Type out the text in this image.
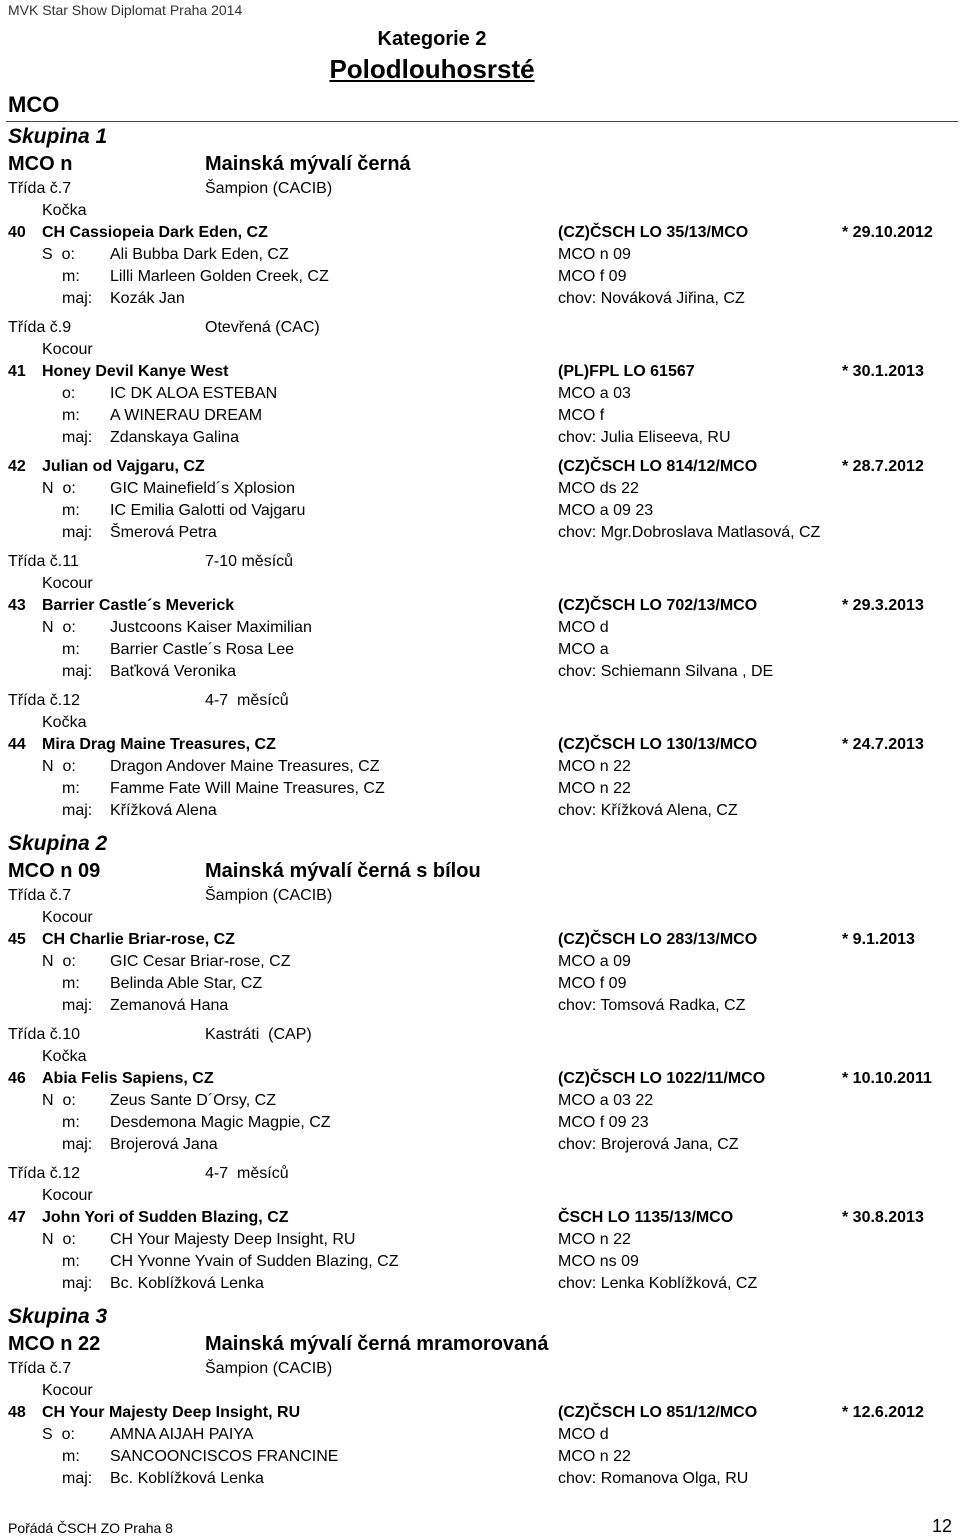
MVK Star Show Diplomat Praha 2014
Kategorie 2
Polodlouhosrsté
MCO
Skupina 1
MCO n	Mainská mývalí černá
Třída č.7	Šampion (CACIB)
Kočka
40 CH Cassiopeia Dark Eden, CZ	(CZ)ČSCH LO 35/13/MCO	* 29.10.2012
S  o: Ali Bubba Dark Eden, CZ	MCO n 09
m: Lilli Marleen Golden Creek, CZ	MCO f 09
maj: Kozák Jan	chov: Nováková Jiřina, CZ
Třída č.9	Otevřená (CAC)
Kocour
41 Honey Devil Kanye West	(PL)FPL LO 61567	* 30.1.2013
o: IC DK ALOA ESTEBAN	MCO a 03
m: A WINERAU DREAM	MCO f
maj: Zdanskaya Galina	chov: Julia Eliseeva, RU
42 Julian od Vajgaru, CZ	(CZ)ČSCH LO 814/12/MCO	* 28.7.2012
N  o: GIC Mainefield´s Xplosion	MCO ds 22
m: IC Emilia Galotti od Vajgaru	MCO a 09 23
maj: Šmerová Petra	chov: Mgr.Dobroslava Matlasová, CZ
Třída č.11	7-10 měsíců
Kocour
43 Barrier Castle´s Meverick	(CZ)ČSCH LO 702/13/MCO	* 29.3.2013
N  o: Justcoons Kaiser Maximilian	MCO d
m: Barrier Castle´s Rosa Lee	MCO a
maj: Baťková Veronika	chov: Schiemann Silvana , DE
Třída č.12	4-7  měsíců
Kočka
44 Mira Drag Maine Treasures, CZ	(CZ)ČSCH LO 130/13/MCO	* 24.7.2013
N  o: Dragon Andover Maine Treasures, CZ	MCO n 22
m: Famme Fate Will Maine Treasures, CZ	MCO n 22
maj: Křížková Alena	chov: Křížková Alena, CZ
Skupina 2
MCO n 09	Mainská mývalí černá s bílou
Třída č.7	Šampion (CACIB)
Kocour
45 CH Charlie Briar-rose, CZ	(CZ)ČSCH LO 283/13/MCO	* 9.1.2013
N  o: GIC Cesar Briar-rose, CZ	MCO a 09
m: Belinda Able Star, CZ	MCO f 09
maj: Zemanová Hana	chov: Tomsová Radka, CZ
Třída č.10	Kastráti  (CAP)
Kočka
46 Abia Felis Sapiens, CZ	(CZ)ČSCH LO 1022/11/MCO	* 10.10.2011
N  o: Zeus Sante D´Orsy, CZ	MCO a 03 22
m: Desdemona Magic Magpie, CZ	MCO f 09 23
maj: Brojerová Jana	chov: Brojerová Jana, CZ
Třída č.12	4-7  měsíců
Kocour
47 John Yori of Sudden Blazing, CZ	ČSCH LO 1135/13/MCO	* 30.8.2013
N  o: CH Your Majesty Deep Insight, RU	MCO n 22
m: CH Yvonne Yvain of Sudden Blazing, CZ	MCO ns 09
maj: Bc. Koblížková Lenka	chov: Lenka Koblížková, CZ
Skupina 3
MCO n 22	Mainská mývalí černá mramorovaná
Třída č.7	Šampion (CACIB)
Kocour
48 CH Your Majesty Deep Insight, RU	(CZ)ČSCH LO 851/12/MCO	* 12.6.2012
S  o: AMNA AIJAH PAIYA	MCO d
m: SANCOONCISCOS FRANCINE	MCO n 22
maj: Bc. Koblížková Lenka	chov: Romanova Olga, RU
Pořádá ČSCH ZO Praha 8	12
